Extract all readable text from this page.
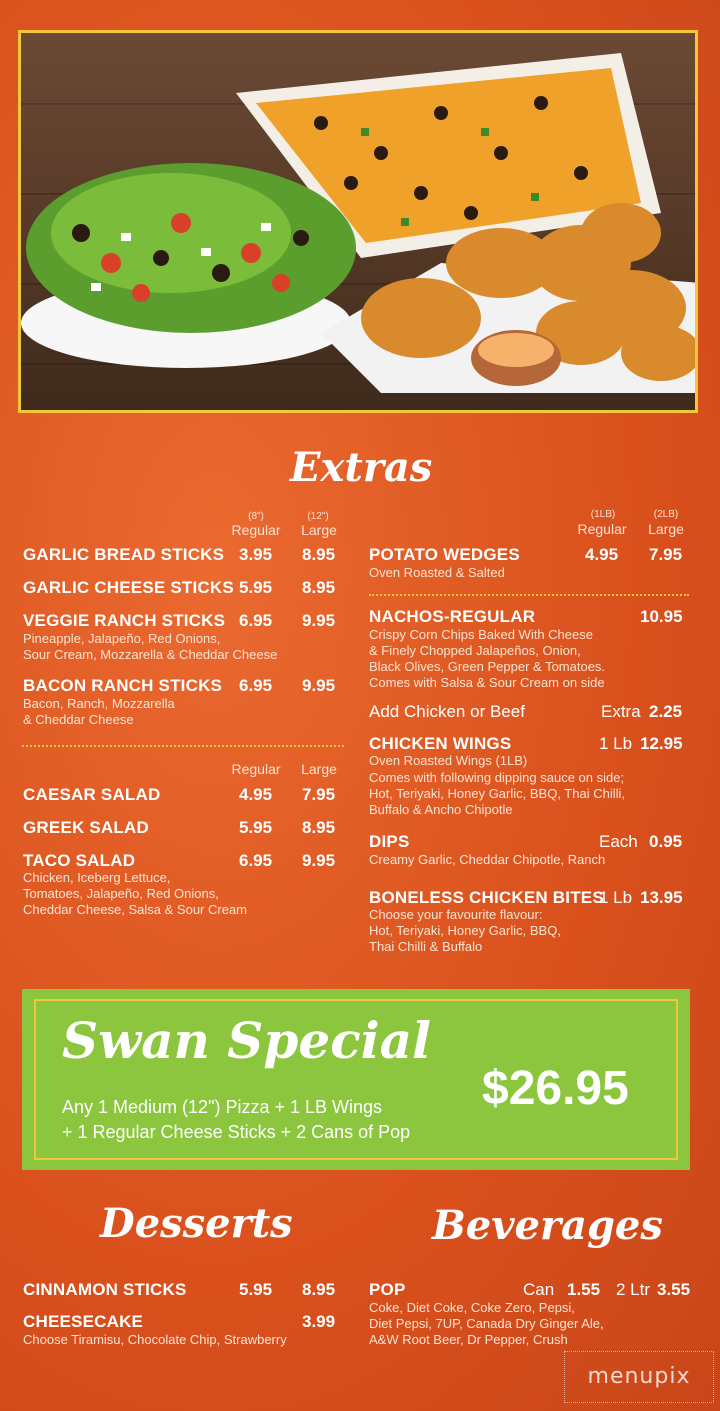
Extras
(8")	(12")
Regular	Large
(1LB)	(2LB)
Regular	Large
GARLIC BREAD STICKS 3.95 8.95
GARLIC CHEESE STICKS 5.95 8.95
VEGGIE RANCH STICKS 6.95 9.95
Pineapple, Jalapeño, Red Onions,
Sour Cream, Mozzarella & Cheddar Cheese
BACON RANCH STICKS 6.95 9.95
Bacon, Ranch, Mozzarella
& Cheddar Cheese
Regular	Large
CAESAR SALAD	4.95 7.95
GREEK SALAD	5.95 8.95
TACO SALAD	6.95 9.95
Chicken, Iceberg Lettuce,
Tomatoes, Jalapeño, Red Onions,
Cheddar Cheese, Salsa & Sour Cream
POTATO WEDGES	4.95 7.95
Oven Roasted & Salted
NACHOS-REGULAR	10.95
Crispy Corn Chips Baked With Cheese
& Finely Chopped Jalapeños, Onion,
Black Olives, Green Pepper & Tomatoes.
Comes with Salsa & Sour Cream on side
Add Chicken or Beef	Extra 2.25
CHICKEN WINGS	1 Lb 12.95
Oven Roasted Wings (1LB)
Comes with following dipping sauce on side;
Hot, Teriyaki, Honey Garlic, BBQ, Thai Chilli,
Buffalo & Ancho Chipotle
DIPS	Each 0.95
Creamy Garlic, Cheddar Chipotle, Ranch
BONELESS CHICKEN BITES
1 Lb 13.95
Choose your favourite flavour:
Hot, Teriyaki, Honey Garlic, BBQ,
Thai Chilli & Buffalo
Swan Special
Any 1 Medium (12") Pizza + 1 LB Wings
+ 1 Regular Cheese Sticks + 2 Cans of Pop
$26.95
Desserts
CINNAMON STICKS	5.95 8.95
CHEESECAKE	3.99
Choose Tiramisu, Chocolate Chip, Strawberry
Beverages
POP	Can 1.55 2 Ltr 3.55
Coke, Diet Coke, Coke Zero, Pepsi,
Diet Pepsi, 7UP, Canada Dry Ginger Ale,
A&W Root Beer, Dr Pepper, Crush
menupix
